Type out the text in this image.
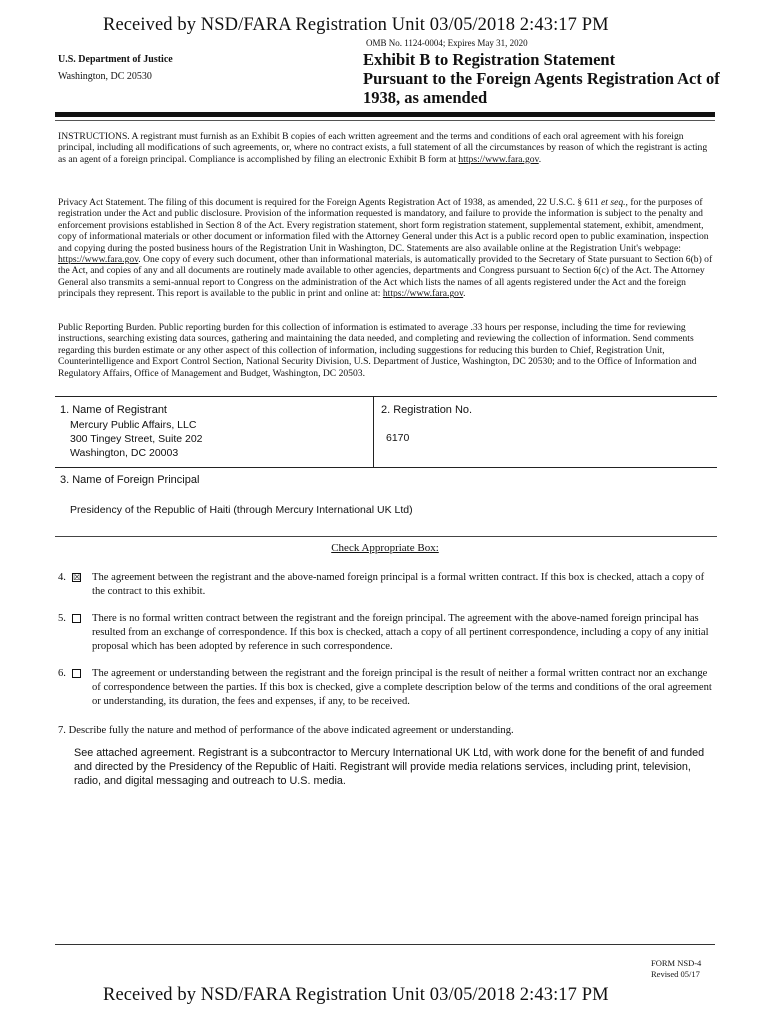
Received by NSD/FARA Registration Unit 03/05/2018 2:43:17 PM
OMB No. 1124-0004; Expires May 31, 2020
U.S. Department of Justice
Washington, DC 20530
Exhibit B to Registration Statement
Pursuant to the Foreign Agents Registration Act of 1938, as amended
INSTRUCTIONS. A registrant must furnish as an Exhibit B copies of each written agreement and the terms and conditions of each oral agreement with his foreign principal, including all modifications of such agreements, or, where no contract exists, a full statement of all the circumstances by reason of which the registrant is acting as an agent of a foreign principal. Compliance is accomplished by filing an electronic Exhibit B form at https://www.fara.gov.
Privacy Act Statement. The filing of this document is required for the Foreign Agents Registration Act of 1938, as amended, 22 U.S.C. § 611 et seq., for the purposes of registration under the Act and public disclosure. Provision of the information requested is mandatory, and failure to provide the information is subject to the penalty and enforcement provisions established in Section 8 of the Act. Every registration statement, short form registration statement, supplemental statement, exhibit, amendment, copy of informational materials or other document or information filed with the Attorney General under this Act is a public record open to public examination, inspection and copying during the posted business hours of the Registration Unit in Washington, DC. Statements are also available online at the Registration Unit's webpage: https://www.fara.gov. One copy of every such document, other than informational materials, is automatically provided to the Secretary of State pursuant to Section 6(b) of the Act, and copies of any and all documents are routinely made available to other agencies, departments and Congress pursuant to Section 6(c) of the Act. The Attorney General also transmits a semi-annual report to Congress on the administration of the Act which lists the names of all agents registered under the Act and the foreign principals they represent. This report is available to the public in print and online at: https://www.fara.gov.
Public Reporting Burden. Public reporting burden for this collection of information is estimated to average .33 hours per response, including the time for reviewing instructions, searching existing data sources, gathering and maintaining the data needed, and completing and reviewing the collection of information. Send comments regarding this burden estimate or any other aspect of this collection of information, including suggestions for reducing this burden to Chief, Registration Unit, Counterintelligence and Export Control Section, National Security Division, U.S. Department of Justice, Washington, DC 20530; and to the Office of Information and Regulatory Affairs, Office of Management and Budget, Washington, DC 20503.
1. Name of Registrant
Mercury Public Affairs, LLC
300 Tingey Street, Suite 202
Washington, DC 20003
2. Registration No.
6170
3. Name of Foreign Principal
Presidency of the Republic of Haiti (through Mercury International UK Ltd)
Check Appropriate Box:
4. ☒ The agreement between the registrant and the above-named foreign principal is a formal written contract. If this box is checked, attach a copy of the contract to this exhibit.
5. There is no formal written contract between the registrant and the foreign principal. The agreement with the above-named foreign principal has resulted from an exchange of correspondence. If this box is checked, attach a copy of all pertinent correspondence, including a copy of any initial proposal which has been adopted by reference in such correspondence.
6. The agreement or understanding between the registrant and the foreign principal is the result of neither a formal written contract nor an exchange of correspondence between the parties. If this box is checked, give a complete description below of the terms and conditions of the oral agreement or understanding, its duration, the fees and expenses, if any, to be received.
7. Describe fully the nature and method of performance of the above indicated agreement or understanding.
See attached agreement. Registrant is a subcontractor to Mercury International UK Ltd, with work done for the benefit of and funded and directed by the Presidency of the Republic of Haiti. Registrant will provide media relations services, including print, television, radio, and digital messaging and outreach to U.S. media.
FORM NSD-4
Revised 05/17
Received by NSD/FARA Registration Unit 03/05/2018 2:43:17 PM
